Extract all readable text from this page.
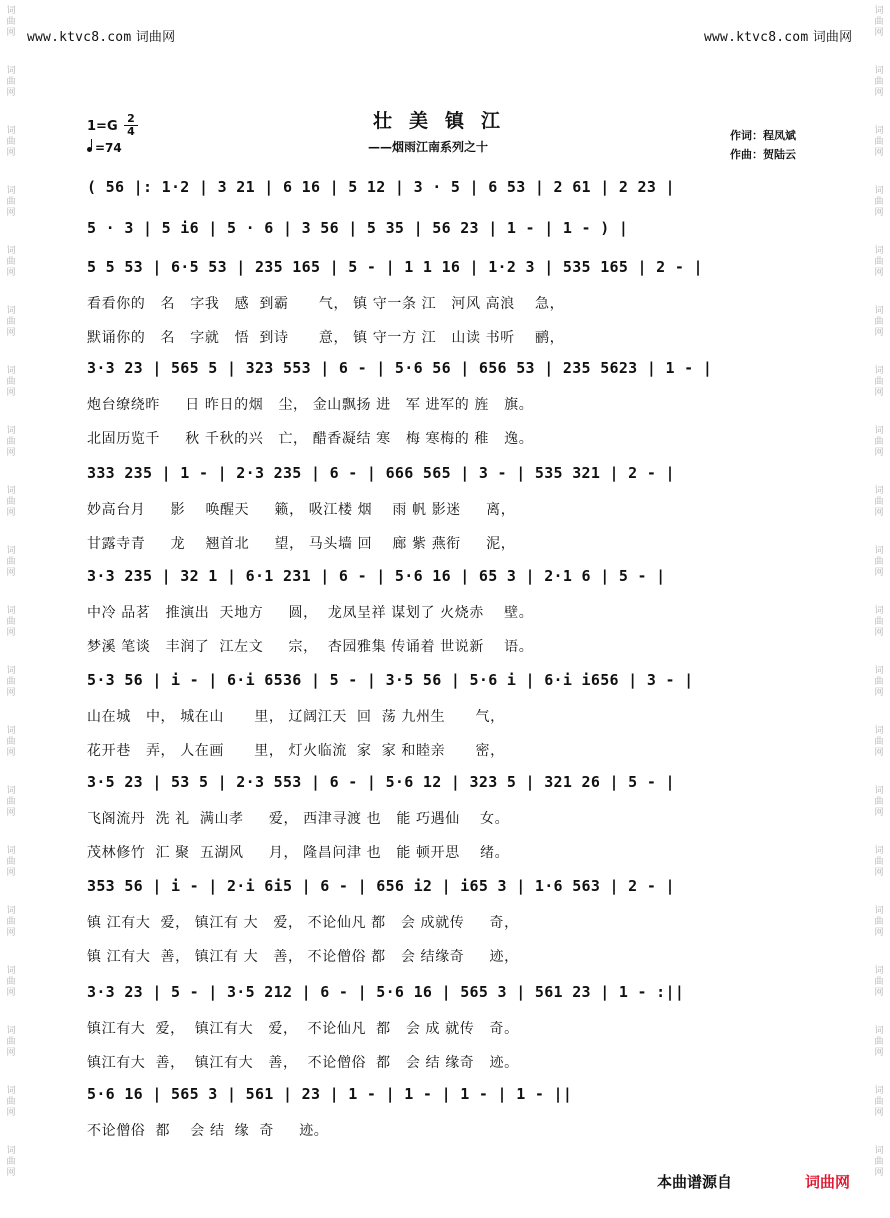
词
曲
网
词
曲
网
词
曲
网
词
曲
网
词
曲
网
词
曲
网
词
曲
网
词
曲
网
词
曲
网
词
曲
网
词
曲
网
词
曲
网
词
曲
网
词
曲
网
词
曲
网
词
曲
网
词
曲
网
词
曲
网
词
曲
网
词
曲
网
词
曲
网
词
曲
网
词
曲
网
词
曲
网
词
曲
网
词
曲
网
词
曲
网
词
曲
网
词
曲
网
词
曲
网
词
曲
网
词
曲
网
词
曲
网
词
曲
网
词
曲
网
词
曲
网
词
曲
网
词
曲
网
词
曲
网
词
曲
网
www.ktvc8.com 词曲网	www.ktvc8.com 词曲网
壮美镇江
——烟雨江南系列之十
1=G
2
4
=74
作词：程凤斌
作曲：贺陆云
( 56 |: 1·2 | 3 21 | 6 16 | 5 12 | 3 · 5 | 6 53 | 2 61 | 2 23 |
5 · 3 | 5 i6 | 5 · 6 | 3 56 | 5 35 | 56 23 | 1 - | 1 - ) |
5 5 53 | 6·5 53 | 235 165 | 5 - | 1 1 16 | 1·2 3 | 535 165 | 2 - |
看看你的   名   字我   感  到霸      气， 镇 守一条 江   河风 高浪    急，
默诵你的   名   字就   悟  到诗      意， 镇 守一方 江   山读 书听    鹂，
3·3 23 | 565 5 | 323 553 | 6 - | 5·6 56 | 656 53 | 235 5623 | 1 - |
炮台缭绕昨     日 昨日的烟   尘， 金山飘扬 进   军 进军的 旌   旗。
北固历览千     秋 千秋的兴   亡， 醋香凝结 寒   梅 寒梅的 稚   逸。
333 235 | 1 - | 2·3 235 | 6 - | 666 565 | 3 - | 535 321 | 2 - |
妙高台月     影    唤醒天     籁， 吸江楼 烟    雨 帆 影迷     离，
甘露寺青     龙    翘首北     望， 马头墙 回    廊 紫 燕衔     泥，
3·3 235 | 32 1 | 6·1 231 | 6 - | 5·6 16 | 65 3 | 2·1 6 | 5 - |
中冷 品茗   推演出  天地方     圆，  龙凤呈祥 谋划了 火烧赤    壁。
梦溪 笔谈   丰润了  江左文     宗，  杏园雅集 传诵着 世说新    语。
5·3 56 | i - | 6·i 6536 | 5 - | 3·5 56 | 5·6 i | 6·i i656 | 3 - |
山在城   中， 城在山      里， 辽阔江天  回  荡 九州生      气，
花开巷   弄， 人在画      里， 灯火临流  家  家 和睦亲      密，
3·5 23 | 53 5 | 2·3 553 | 6 - | 5·6 12 | 323 5 | 321 26 | 5 - |
飞阁流丹  洗 礼  满山孝     爱， 西津寻渡 也   能 巧遇仙    女。
茂林修竹  汇 聚  五湖风     月， 隆昌问津 也   能 顿开思    绪。
353 56 | i - | 2·i 6i5 | 6 - | 656 i2 | i65 3 | 1·6 563 | 2 - |
镇 江有大  爱， 镇江有 大   爱， 不论仙凡 都   会 成就传     奇，
镇 江有大  善， 镇江有 大   善， 不论僧俗 都   会 结缘奇     迹，
3·3 23 | 5 - | 3·5 212 | 6 - | 5·6 16 | 565 3 | 561 23 | 1 - :||
镇江有大  爱，  镇江有大   爱，  不论仙凡  都   会 成 就传   奇。
镇江有大  善，  镇江有大   善，  不论僧俗  都   会 结 缘奇   迹。
5·6 16 | 565 3 | 561 | 23 | 1 - | 1 - | 1 - | 1 - ||
不论僧俗  都    会 结  缘  奇     迹。
本曲谱源自	词曲网
